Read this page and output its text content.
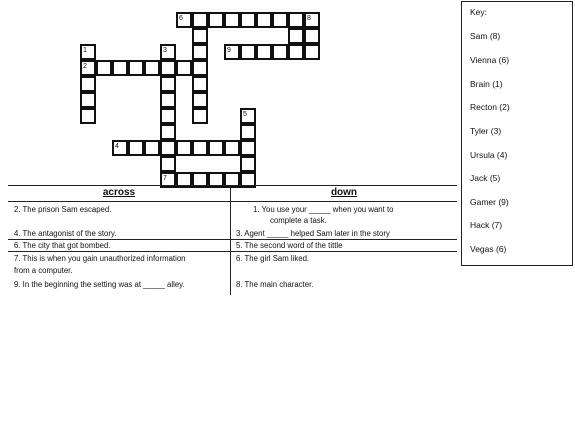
6	8
1	3	9
2
5
4
7
Key:
Sam (8)
Vienna (6)
Brain (1)
Recton (2)
Tyler (3)
Ursula (4)
Jack (5)
Gamer (9)
Hack (7)
Vegas (6)
across	down
2. The prison Sam escaped.
4. The antagonist of the story.
6. The city that got bombed.
7. This is when you gain unauthorized information
from a computer.
9. In the beginning the setting was at _____ alley.
1. You use your _____ when you want to
complete a task.
3. Agent _____ helped Sam later in the story
5. The second word of the tittle
6. The girl Sam liked.
8. The main character.
